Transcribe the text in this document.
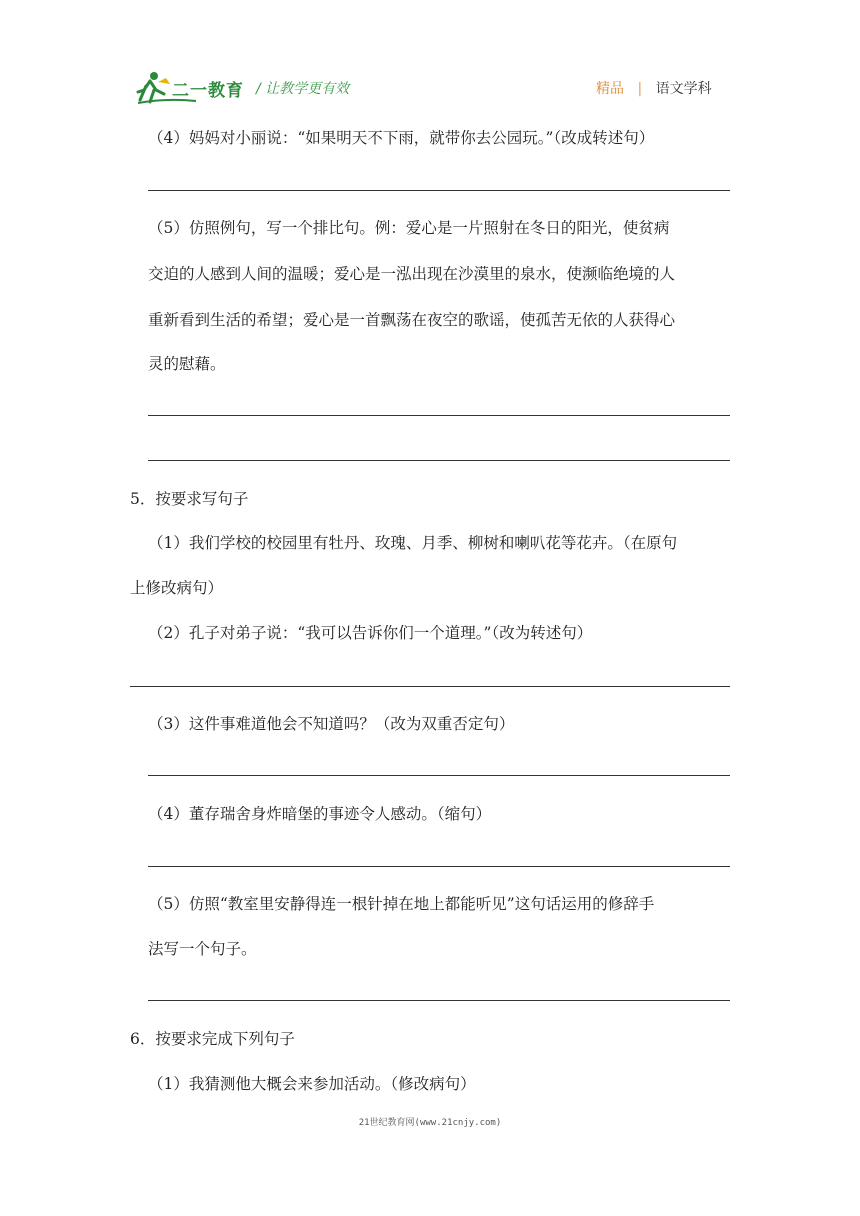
二一教育 / 让教学更有效	精品 | 语文学科
（4）妈妈对小丽说：“如果明天不下雨，就带你去公园玩。”（改成转述句）
（5）仿照例句，写一个排比句。例：爱心是一片照射在冬日的阳光，使贫病
交迫的人感到人间的温暖；爱心是一泓出现在沙漠里的泉水，使濒临绝境的人
重新看到生活的希望；爱心是一首飘荡在夜空的歌谣，使孤苦无依的人获得心
灵的慰藉。
5．按要求写句子
（1）我们学校的校园里有牡丹、玫瑰、月季、柳树和喇叭花等花卉。（在原句
上修改病句）
（2）孔子对弟子说：“我可以告诉你们一个道理。”（改为转述句）
（3）这件事难道他会不知道吗？（改为双重否定句）
（4）董存瑞舍身炸暗堡的事迹令人感动。（缩句）
（5）仿照“教室里安静得连一根针掉在地上都能听见”这句话运用的修辞手
法写一个句子。
6．按要求完成下列句子
（1）我猜测他大概会来参加活动。（修改病句）
21世纪教育网(www.21cnjy.com)
